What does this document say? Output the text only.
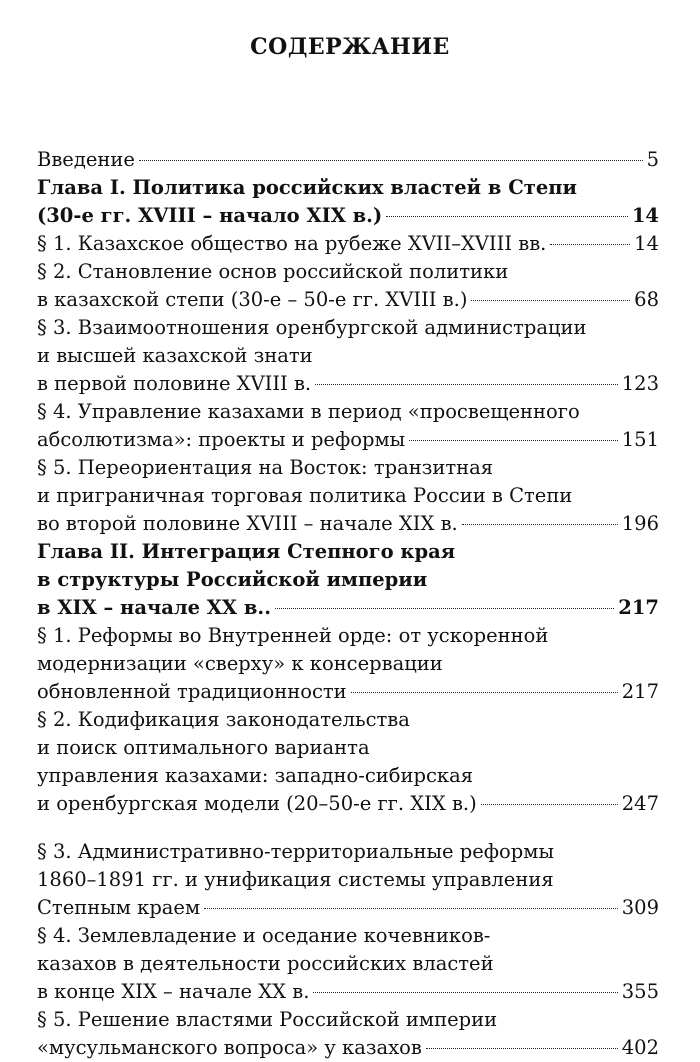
СОДЕРЖАНИЕ
Введение	5
Глава I. Политика российских властей в Степи
(30-е гг. XVIII – начало XIX в.)	14
§ 1. Казахское общество на рубеже XVII–XVIII вв.	14
§ 2. Становление основ российской политики
в казахской степи (30-е – 50-е гг. XVIII в.)	68
§ 3. Взаимоотношения оренбургской администрации
и высшей казахской знати
в первой половине XVIII в.	123
§ 4. Управление казахами в период «просвещенного
абсолютизма»: проекты и реформы	151
§ 5. Переориентация на Восток: транзитная
и приграничная торговая политика России в Степи
во второй половине XVIII – начале XIX в.	196
Глава II. Интеграция Степного края
в структуры Российской империи
в XIX – начале XX в..	217
§ 1. Реформы во Внутренней орде: от ускоренной
модернизации «сверху» к консервации
обновленной традиционности	217
§ 2. Кодификация законодательства
и поиск оптимального варианта
управления казахами: западно-сибирская
и оренбургская модели (20–50-е гг. XIX в.)	247
§ 3. Административно-территориальные реформы
1860–1891 гг. и унификация системы управления
Степным краем	309
§ 4. Землевладение и оседание кочевников-
казахов в деятельности российских властей
в конце XIX – начале XX в.	355
§ 5. Решение властями Российской империи
«мусульманского вопроса» у казахов	402
